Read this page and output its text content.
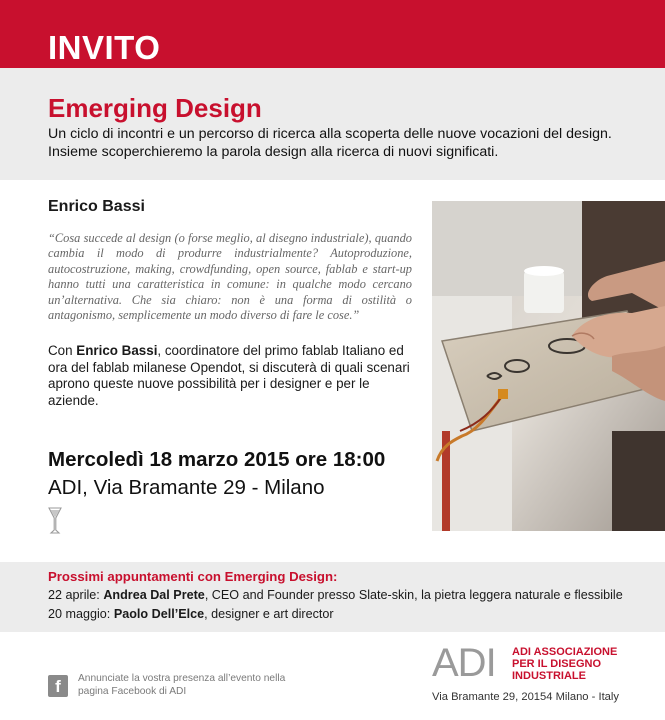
INVITO
Emerging Design
Un ciclo di incontri e un percorso di ricerca alla scoperta delle nuove vocazioni del design. Insieme scoperchieremo la parola design alla ricerca di nuovi significati.
Enrico Bassi
“Cosa succede al design (o forse meglio, al disegno industriale), quando cambia il modo di produrre industrialmente? Autoproduzione, autocostruzione, making, crowdfunding, open source, fablab e start-up hanno tutti una caratteristica in comune: in qualche modo cercano un’alternativa. Che sia chiaro: non è una forma di ostilità o antagonismo, semplicemente un modo diverso di fare le cose.”
Con Enrico Bassi, coordinatore del primo fablab Italiano ed ora del fablab milanese Opendot, si discuterà di quali scenari aprono queste nuove possibilità per i designer e per le aziende.
Mercoledì 18 marzo 2015 ore 18:00
ADI, Via Bramante 29 - Milano
Prossimi appuntamenti con Emerging Design:
22 aprile: Andrea Dal Prete, CEO and Founder presso Slate-skin, la pietra leggera naturale e flessibile
20 maggio: Paolo Dell’Elce, designer e art director
f	Annunciate la vostra presenza all’evento nella pagina Facebook di ADI
ADI ADI ASSOCIAZIONE PER IL DISEGNO INDUSTRIALE
Via Bramante 29, 20154 Milano - Italy
